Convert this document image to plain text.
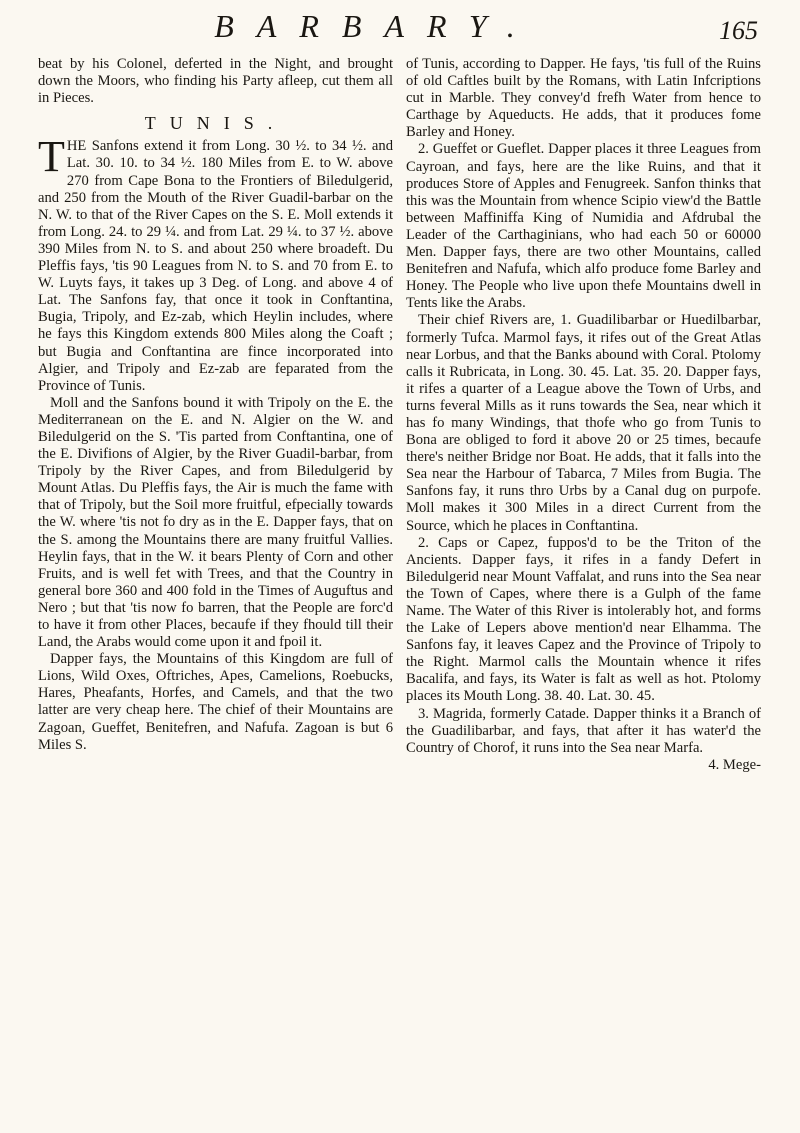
BARBARY.	165

beat by his Colonel, deferted in the Night, and brought down the Moors, who finding his Party afleep, cut them all in Pieces.

TUNIS.

THE Sanfons extend it from Long. 30 ½. to 34 ½. and Lat. 30. 10. to 34 ½. 180 Miles from E. to W. above 270 from Cape Bona to the Frontiers of Biledulgerid, and 250 from the Mouth of the River Guadil-barbar on the N. W. to that of the River Capes on the S. E. Moll extends it from Long. 24. to 29 ¼. and from Lat. 29 ¼. to 37 ½. above 390 Miles from N. to S. and about 250 where broadeft. Du Pleffis fays, 'tis 90 Leagues from N. to S. and 70 from E. to W. Luyts fays, it takes up 3 Deg. of Long. and above 4 of Lat. The Sanfons fay, that once it took in Conftantina, Bugia, Tripoly, and Ez-zab, which Heylin includes, where he fays this Kingdom extends 800 Miles along the Coaft ; but Bugia and Conftantina are fince incorporated into Algier, and Tripoly and Ez-zab are feparated from the Province of Tunis.

Moll and the Sanfons bound it with Tripoly on the E. the Mediterranean on the E. and N. Algier on the W. and Biledulgerid on the S. 'Tis parted from Conftantina, one of the E. Divifions of Algier, by the River Guadil-barbar, from Tripoly by the River Capes, and from Biledulgerid by Mount Atlas. Du Pleffis fays, the Air is much the fame with that of Tripoly, but the Soil more fruitful, efpecially towards the W. where 'tis not fo dry as in the E. Dapper fays, that on the S. among the Mountains there are many fruitful Vallies. Heylin fays, that in the W. it bears Plenty of Corn and other Fruits, and is well fet with Trees, and that the Country in general bore 360 and 400 fold in the Times of Auguftus and Nero ; but that 'tis now fo barren, that the People are forc'd to have it from other Places, becaufe if they fhould till their Land, the Arabs would come upon it and fpoil it.

Dapper fays, the Mountains of this Kingdom are full of Lions, Wild Oxes, Oftriches, Apes, Camelions, Roebucks, Hares, Pheafants, Horfes, and Camels, and that the two latter are very cheap here. The chief of their Mountains are Zagoan, Gueffet, Benitefren, and Nafufa. Zagoan is but 6 Miles S.

of Tunis, according to Dapper. He fays, 'tis full of the Ruins of old Caftles built by the Romans, with Latin Infcriptions cut in Marble. They convey'd frefh Water from hence to Carthage by Aqueducts. He adds, that it produces fome Barley and Honey.

2. Gueffet or Gueflet. Dapper places it three Leagues from Cayroan, and fays, here are the like Ruins, and that it produces Store of Apples and Fenugreek. Sanfon thinks that this was the Mountain from whence Scipio view'd the Battle between Maffiniffa King of Numidia and Afdrubal the Leader of the Carthaginians, who had each 50 or 60000 Men. Dapper fays, there are two other Mountains, called Benitefren and Nafufa, which alfo produce fome Barley and Honey. The People who live upon thefe Mountains dwell in Tents like the Arabs.

Their chief Rivers are, 1. Guadilibarbar or Huedilbarbar, formerly Tufca. Marmol fays, it rifes out of the Great Atlas near Lorbus, and that the Banks abound with Coral. Ptolomy calls it Rubricata, in Long. 30. 45. Lat. 35. 20. Dapper fays, it rifes a quarter of a League above the Town of Urbs, and turns feveral Mills as it runs towards the Sea, near which it has fo many Windings, that thofe who go from Tunis to Bona are obliged to ford it above 20 or 25 times, becaufe there's neither Bridge nor Boat. He adds, that it falls into the Sea near the Harbour of Tabarca, 7 Miles from Bugia. The Sanfons fay, it runs thro Urbs by a Canal dug on purpofe. Moll makes it 300 Miles in a direct Current from the Source, which he places in Conftantina.

2. Caps or Capez, fuppos'd to be the Triton of the Ancients. Dapper fays, it rifes in a fandy Defert in Biledulgerid near Mount Vaffalat, and runs into the Sea near the Town of Capes, where there is a Gulph of the fame Name. The Water of this River is intolerably hot, and forms the Lake of Lepers above mention'd near Elhamma. The Sanfons fay, it leaves Capez and the Province of Tripoly to the Right. Marmol calls the Mountain whence it rifes Bacalifa, and fays, its Water is falt as well as hot. Ptolomy places its Mouth Long. 38. 40. Lat. 30. 45.

3. Magrida, formerly Catade. Dapper thinks it a Branch of the Guadilibarbar, and fays, that after it has water'd the Country of Chorof, it runs into the Sea near Marfa.

4. Mege-
